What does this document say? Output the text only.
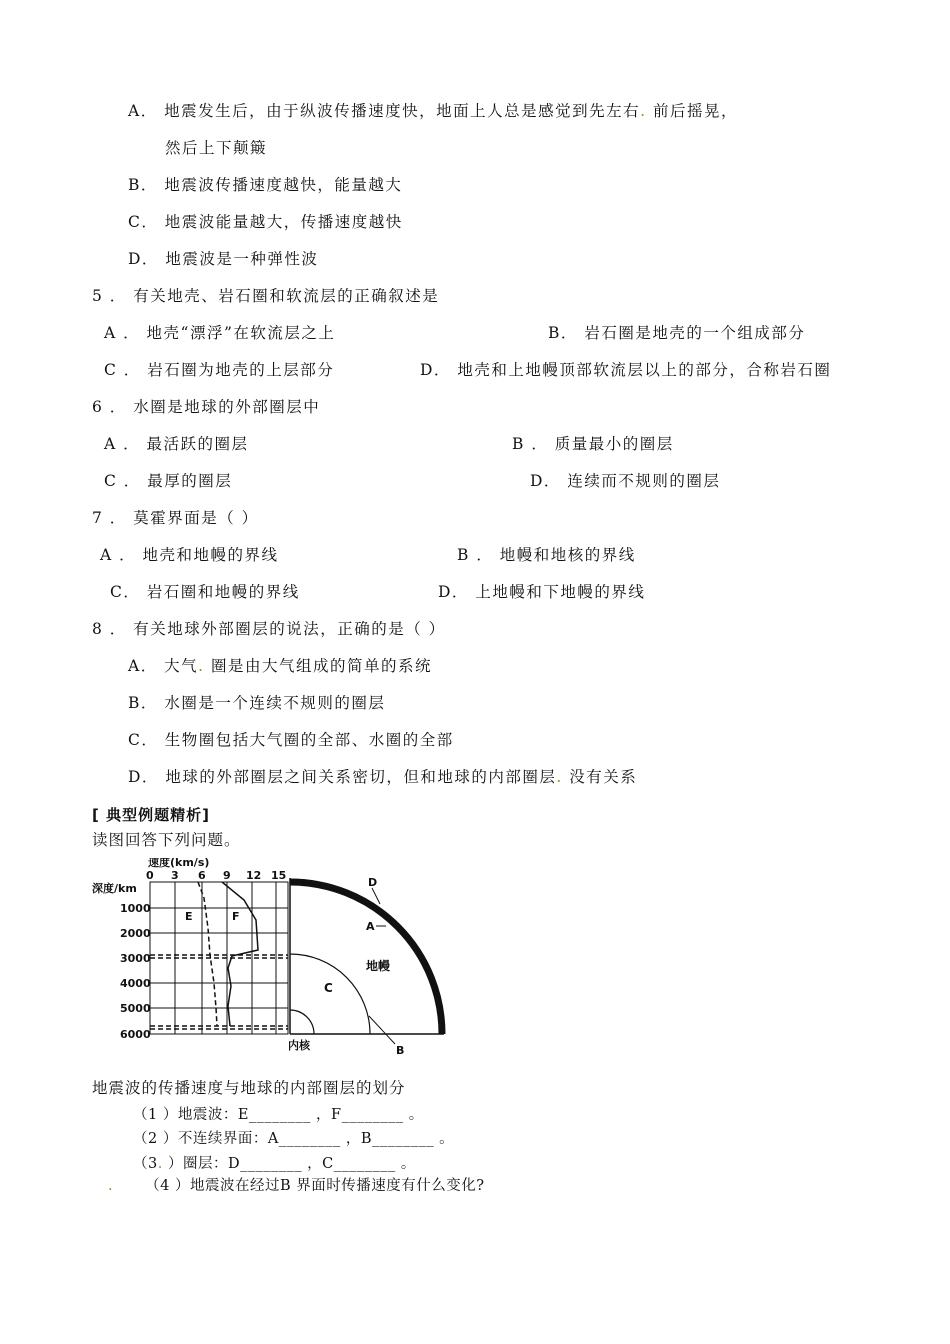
A． 地震发生后，由于纵波传播速度快，地面上人总是感觉到先左右. 前后摇晃，
然后上下颠簸
B． 地震波传播速度越快，能量越大
C． 地震波能量越大，传播速度越快
D． 地震波是一种弹性波
5 ． 有关地壳、岩石圈和软流层的正确叙述是
A ． 地壳“漂浮”在软流层之上	B． 岩石圈是地壳的一个组成部分
C ． 岩石圈为地壳的上层部分	D． 地壳和上地幔顶部软流层以上的部分，合称岩石圈
6 ． 水圈是地球的外部圈层中
A ． 最活跃的圈层	B ． 质量最小的圈层
C ． 最厚的圈层	D． 连续而不规则的圈层
7 ． 莫霍界面是（ ）
A ． 地壳和地幔的界线	B ． 地幔和地核的界线
C． 岩石圈和地幔的界线	D． 上地幔和下地幔的界线
8 ． 有关地球外部圈层的说法，正确的是（ ）
A． 大气. 圈是由大气组成的简单的系统
B． 水圈是一个连续不规则的圈层
C． 生物圈包括大气圈的全部、水圈的全部
D． 地球的外部圈层之间关系密切，但和地球的内部圈层. 没有关系
[ 典型例题精析]
读图回答下列问题。
速度(km/s)
0 3 6 9 12 15
深度/km
1000
2000
3000
4000
5000
6000
E	F
D
A
地幔
C
B
内核
地震波的传播速度与地球的内部圈层的划分
（1 ）地震波：E________ ，F________ 。
（2 ）不连续界面：A________ ，B________ 。
（3. ）圈层：D________ ，C________ 。
. （4 ）地震波在经过B 界面时传播速度有什么变化?
